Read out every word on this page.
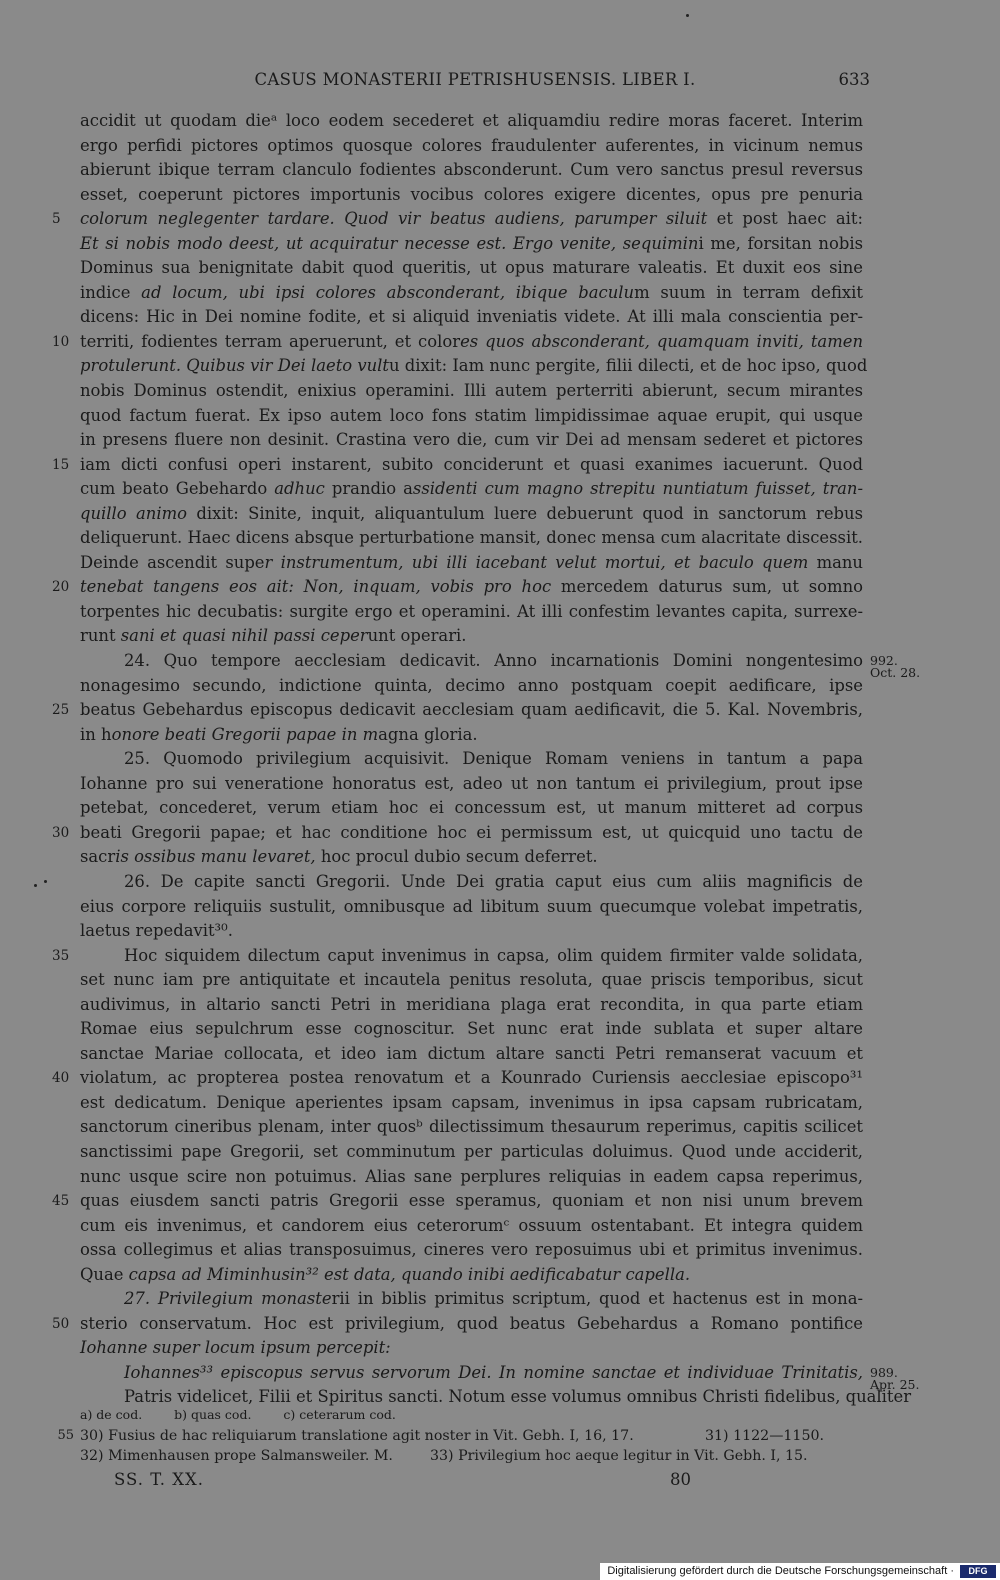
CASUS MONASTERII PETRISHUSENSIS. LIBER I.	633
accidit ut quodam dieᵃ loco eodem secederet et aliquamdiu redire moras faceret. Interim
ergo perfidi pictores optimos quosque colores fraudulenter auferentes, in vicinum nemus
abierunt ibique terram clanculo fodientes absconderunt. Cum vero sanctus presul reversus
esset, coeperunt pictores importunis vocibus colores exigere dicentes, opus pre penuria
5	colorum neglegenter tardare. Quod vir beatus audiens, parumper siluit et post haec ait:
Et si nobis modo deest, ut acquiratur necesse est. Ergo venite, sequimini me, forsitan nobis
Dominus sua benignitate dabit quod queritis, ut opus maturare valeatis. Et duxit eos sine
indice ad locum, ubi ipsi colores absconderant, ibique baculum suum in terram defixit
dicens: Hic in Dei nomine fodite, et si aliquid inveniatis videte. At illi mala conscientia per-
10 territi, fodientes terram aperuerunt, et colores quos absconderant, quamquam inviti, tamen
protulerunt. Quibus vir Dei laeto vultu dixit: Iam nunc pergite, filii dilecti, et de hoc ipso, quod
nobis Dominus ostendit, enixius operamini. Illi autem perterriti abierunt, secum mirantes
quod factum fuerat. Ex ipso autem loco fons statim limpidissimae aquae erupit, qui usque
in presens fluere non desinit. Crastina vero die, cum vir Dei ad mensam sederet et pictores
15 iam dicti confusi operi instarent, subito conciderunt et quasi exanimes iacuerunt. Quod
cum beato Gebehardo adhuc prandio assidenti cum magno strepitu nuntiatum fuisset, tran-
quillo animo dixit: Sinite, inquit, aliquantulum luere debuerunt quod in sanctorum rebus
deliquerunt. Haec dicens absque perturbatione mansit, donec mensa cum alacritate discessit.
Deinde ascendit super instrumentum, ubi illi iacebant velut mortui, et baculo quem manu
20 tenebat tangens eos ait: Non, inquam, vobis pro hoc mercedem daturus sum, ut somno
torpentes hic decubatis: surgite ergo et operamini. At illi confestim levantes capita, surrexe-
runt sani et quasi nihil passi ceperunt operari.
24. Quo tempore aecclesiam dedicavit. Anno incarnationis Domini nongentesimo 992.
Oct. 28.
nonagesimo secundo, indictione quinta, decimo anno postquam coepit aedificare, ipse
25 beatus Gebehardus episcopus dedicavit aecclesiam quam aedificavit, die 5. Kal. Novembris,
in honore beati Gregorii papae in magna gloria.
25. Quomodo privilegium acquisivit. Denique Romam veniens in tantum a papa
Iohanne pro sui veneratione honoratus est, adeo ut non tantum ei privilegium, prout ipse
petebat, concederet, verum etiam hoc ei concessum est, ut manum mitteret ad corpus
30 beati Gregorii papae; et hac conditione hoc ei permissum est, ut quicquid uno tactu de
sacris ossibus manu levaret, hoc procul dubio secum deferret.
26. De capite sancti Gregorii. Unde Dei gratia caput eius cum aliis magnificis de
eius corpore reliquiis sustulit, omnibusque ad libitum suum quecumque volebat impetratis,
laetus repedavit³⁰.
35	Hoc siquidem dilectum caput invenimus in capsa, olim quidem firmiter valde solidata,
set nunc iam pre antiquitate et incautela penitus resoluta, quae priscis temporibus, sicut
audivimus, in altario sancti Petri in meridiana plaga erat recondita, in qua parte etiam
Romae eius sepulchrum esse cognoscitur. Set nunc erat inde sublata et super altare
sanctae Mariae collocata, et ideo iam dictum altare sancti Petri remanserat vacuum et
40 violatum, ac propterea postea renovatum et a Kounrado Curiensis aecclesiae episcopo³¹
est dedicatum. Denique aperientes ipsam capsam, invenimus in ipsa capsam rubricatam,
sanctorum cineribus plenam, inter quosᵇ dilectissimum thesaurum reperimus, capitis scilicet
sanctissimi pape Gregorii, set comminutum per particulas doluimus. Quod unde acciderit,
nunc usque scire non potuimus. Alias sane perplures reliquias in eadem capsa reperimus,
45 quas eiusdem sancti patris Gregorii esse speramus, quoniam et non nisi unum brevem
cum eis invenimus, et candorem eius ceterorumᶜ ossuum ostentabant. Et integra quidem
ossa collegimus et alias transposuimus, cineres vero reposuimus ubi et primitus invenimus.
Quae capsa ad Miminhusin³² est data, quando inibi aedificabatur capella.
27. Privilegium monasterii in biblis primitus scriptum, quod et hactenus est in mona-
50 sterio conservatum. Hoc est privilegium, quod beatus Gebehardus a Romano pontifice
Iohanne super locum ipsum percepit:
Iohannes³³ episcopus servus servorum Dei. In nomine sanctae et individuae Trinitatis, 989.
Apr. 25.
Patris videlicet, Filii et Spiritus sancti. Notum esse volumus omnibus Christi fidelibus, qualiter
a) de cod.	b) quas cod.	c) ceterarum cod.
55 30) Fusius de hac reliquiarum translatione agit noster in Vit. Gebh. I, 16, 17.	31) 1122—1150.
32) Mimenhausen prope Salmansweiler. M.	33) Privilegium hoc aeque legitur in Vit. Gebh. I, 15.
SS. T. XX.	80
Digitalisierung gefördert durch die Deutsche Forschungsgemeinschaft ·	DFG
